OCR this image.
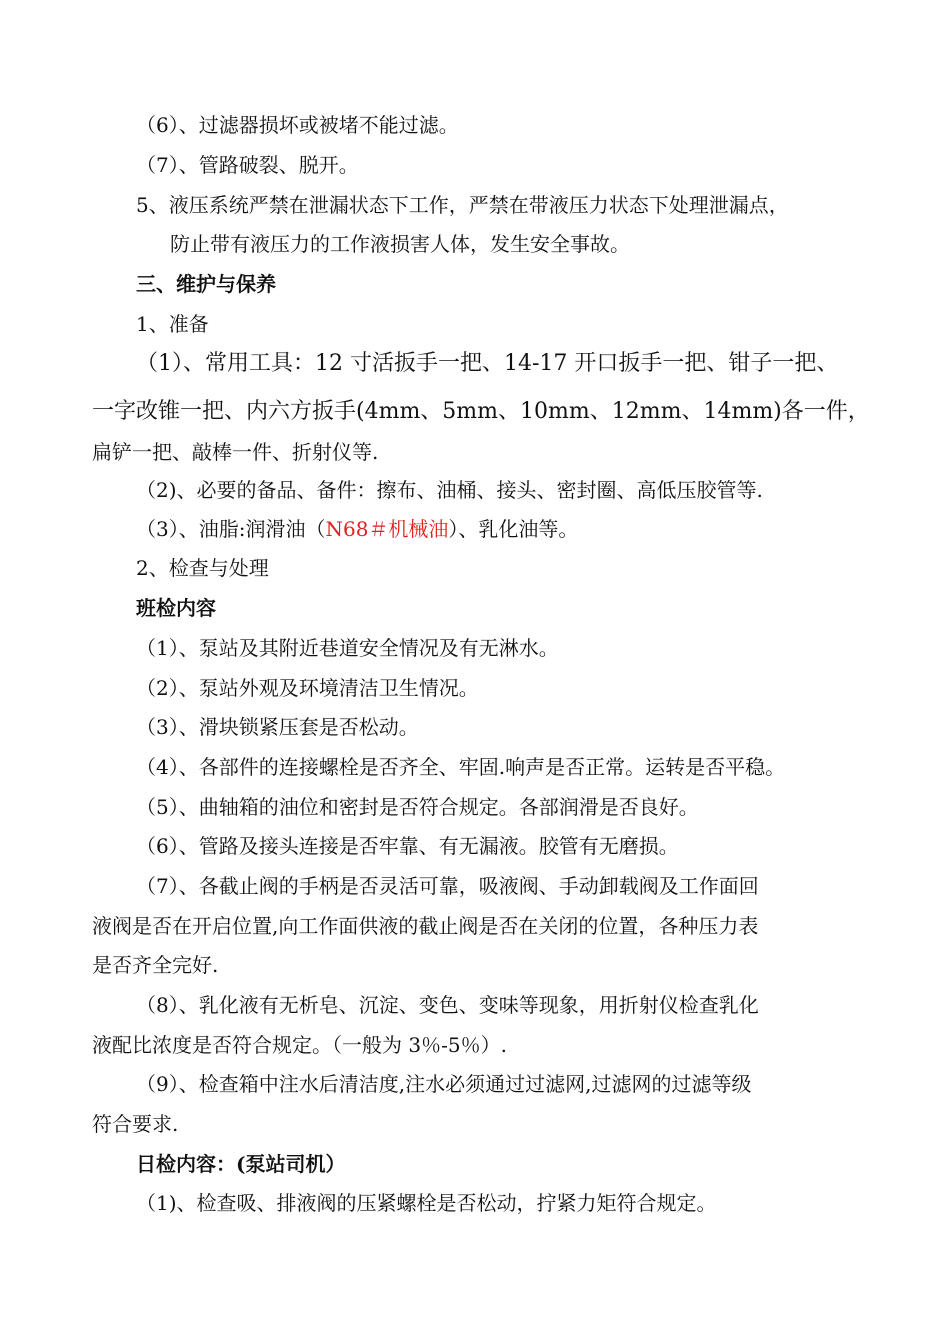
（6）、过滤器损坏或被堵不能过滤。
（7）、管路破裂、脱开。
5、液压系统严禁在泄漏状态下工作，严禁在带液压力状态下处理泄漏点，
防止带有液压力的工作液损害人体，发生安全事故。
三、维护与保养
1、准备
（1）、常用工具：12 寸活扳手一把、14-17 开口扳手一把、钳子一把、
一字改锥一把、内六方扳手(4mm、5mm、10mm、12mm、14mm)各一件，
扁铲一把、敲棒一件、折射仪等.
（2)、必要的备品、备件：擦布、油桶、接头、密封圈、高低压胶管等.
（3）、油脂:润滑油（N68＃机械油）、乳化油等。
2、检查与处理
班检内容
（1）、泵站及其附近巷道安全情况及有无淋水。
（2）、泵站外观及环境清洁卫生情况。
（3）、滑块锁紧压套是否松动。
（4）、各部件的连接螺栓是否齐全、牢固.响声是否正常。运转是否平稳。
（5）、曲轴箱的油位和密封是否符合规定。各部润滑是否良好。
（6）、管路及接头连接是否牢靠、有无漏液。胶管有无磨损。
（7）、各截止阀的手柄是否灵活可靠，吸液阀、手动卸载阀及工作面回
液阀是否在开启位置,向工作面供液的截止阀是否在关闭的位置，各种压力表
是否齐全完好.
（8）、乳化液有无析皂、沉淀、变色、变味等现象，用折射仪检查乳化
液配比浓度是否符合规定。（一般为 3％-5％）.
（9）、检查箱中注水后清洁度,注水必须通过过滤网,过滤网的过滤等级
符合要求.
日检内容：(泵站司机）
（1)、检查吸、排液阀的压紧螺栓是否松动，拧紧力矩符合规定。
